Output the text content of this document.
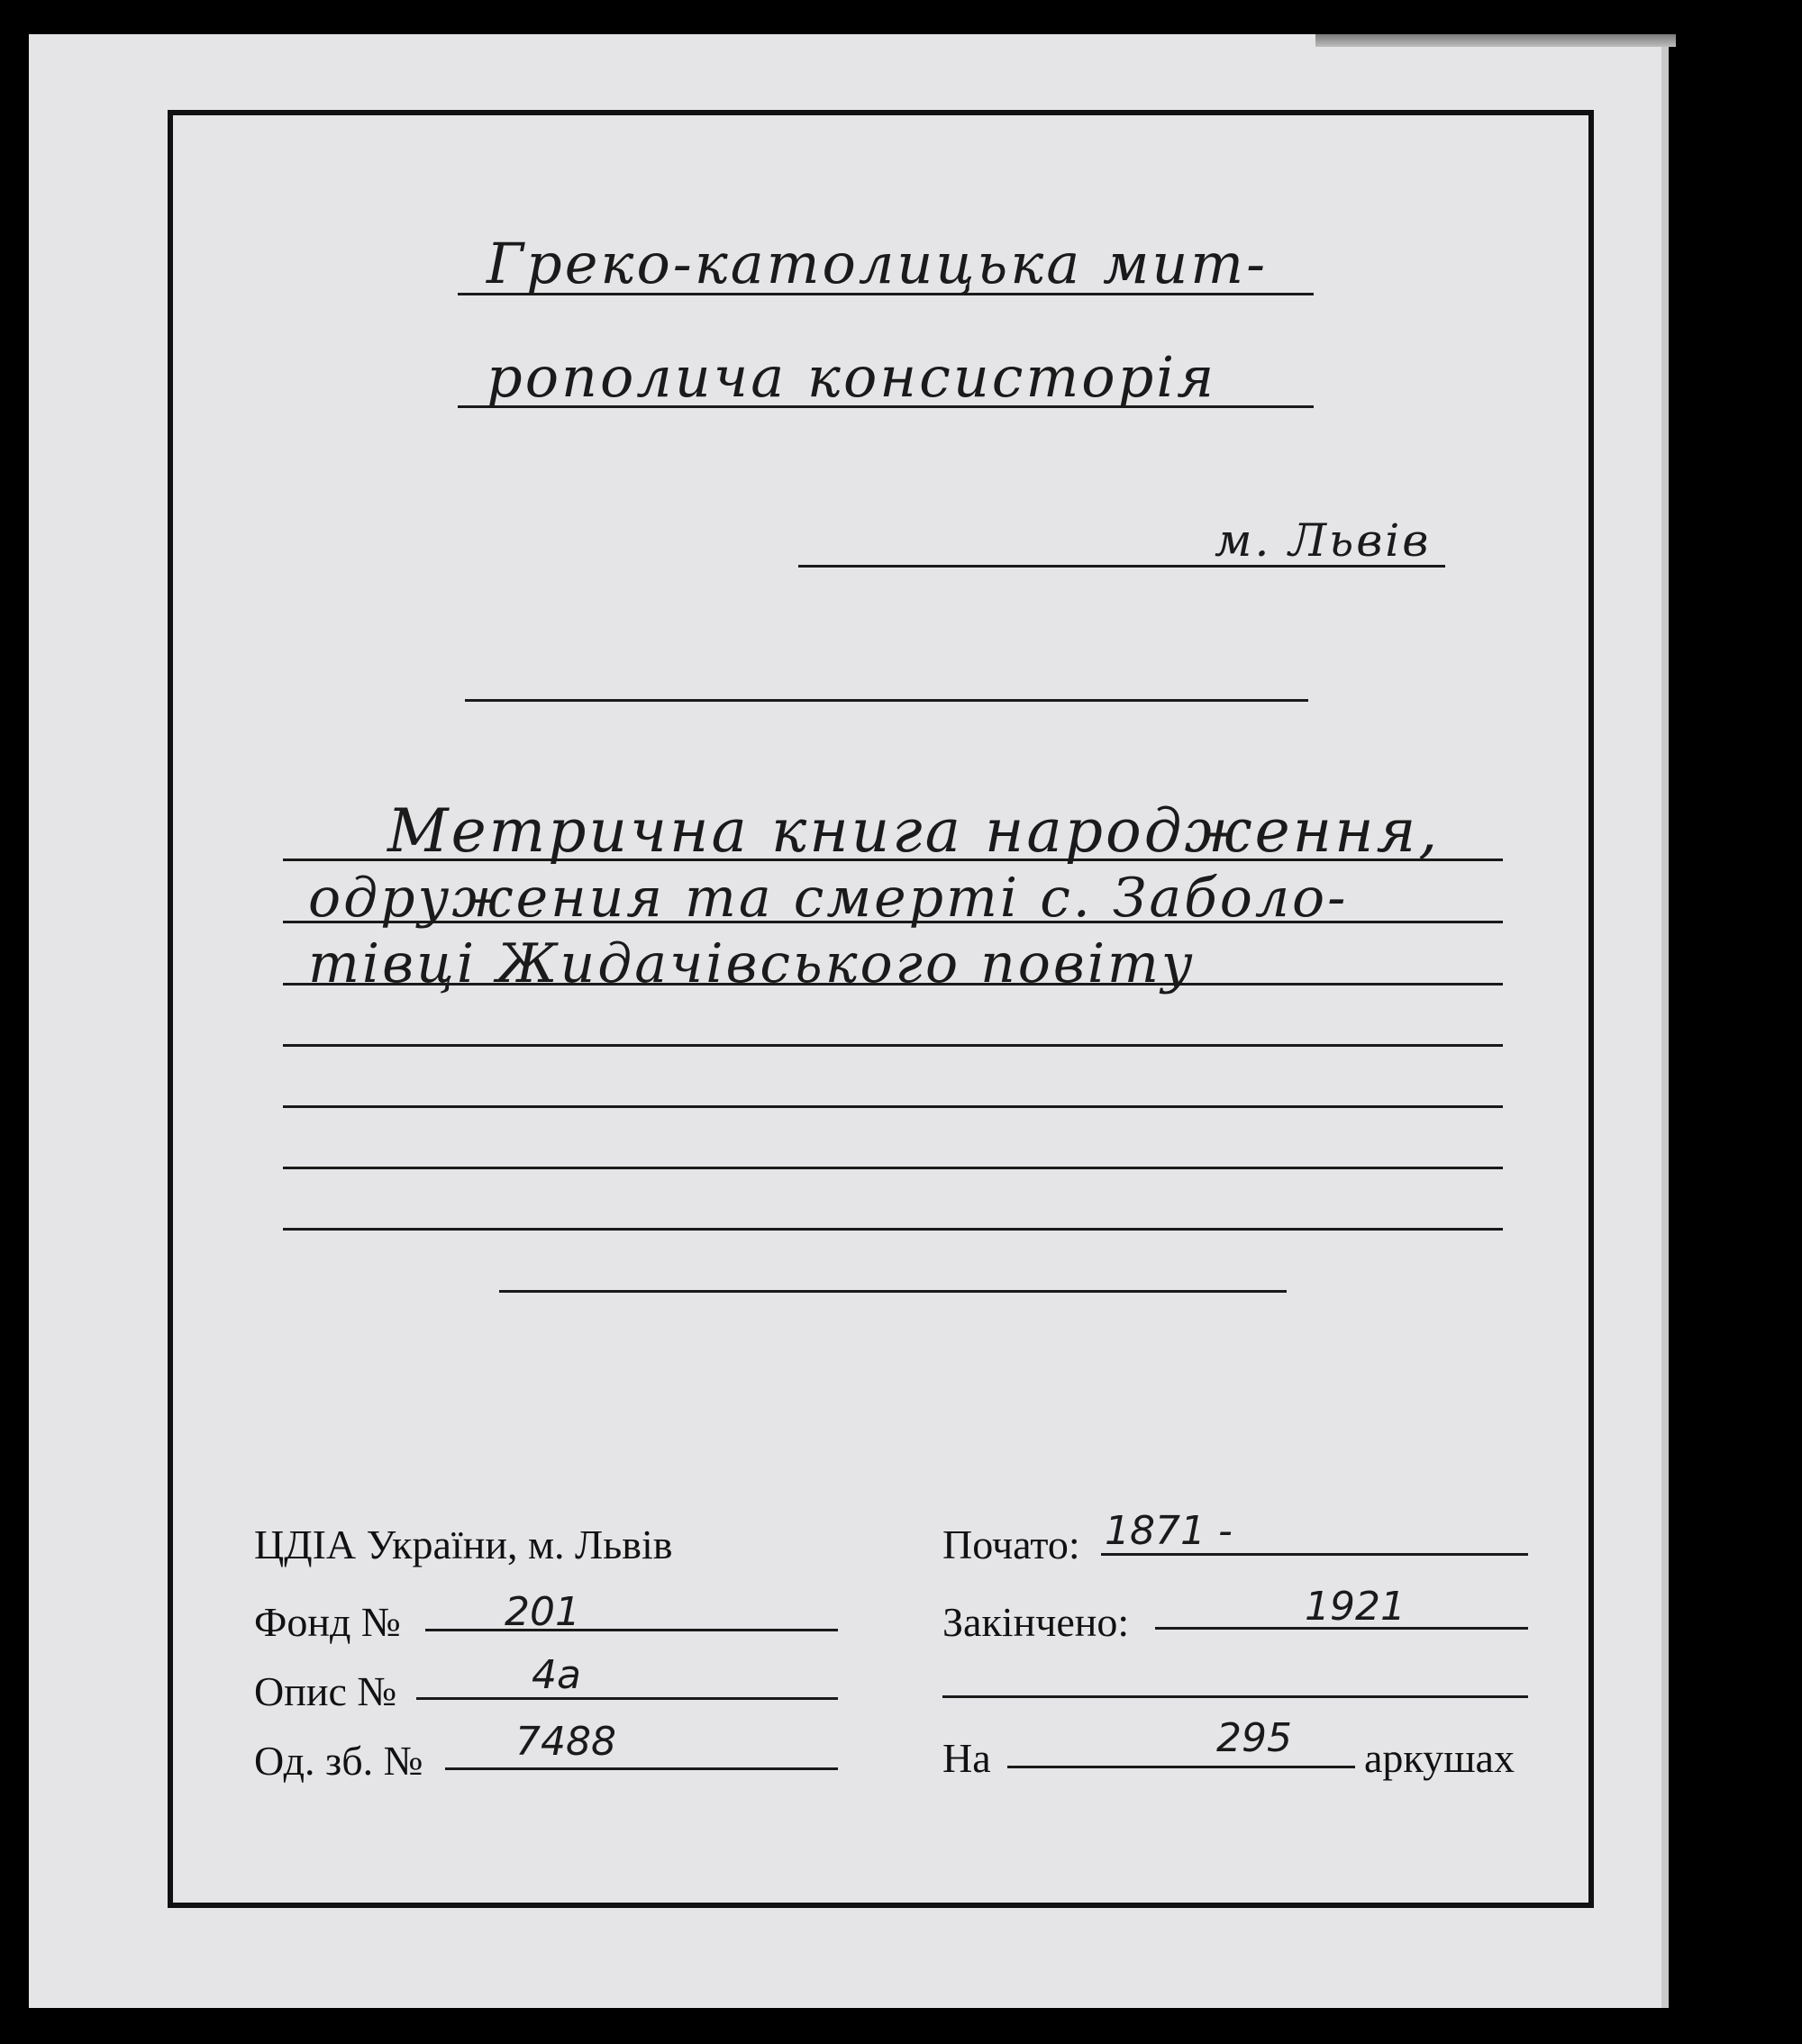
Греко-католицька мит-
рополича консисторія
м. Львів
Метрична книга народження,
одружения та смерті с. Заболо-
тівці Жидачівського повіту
ЦДІА України, м. Львів
Фонд №	201
Опис №	4а
Од. зб. № 7488
Почато: 1871 -
Закінчено:	1921
На	295 аркушах
